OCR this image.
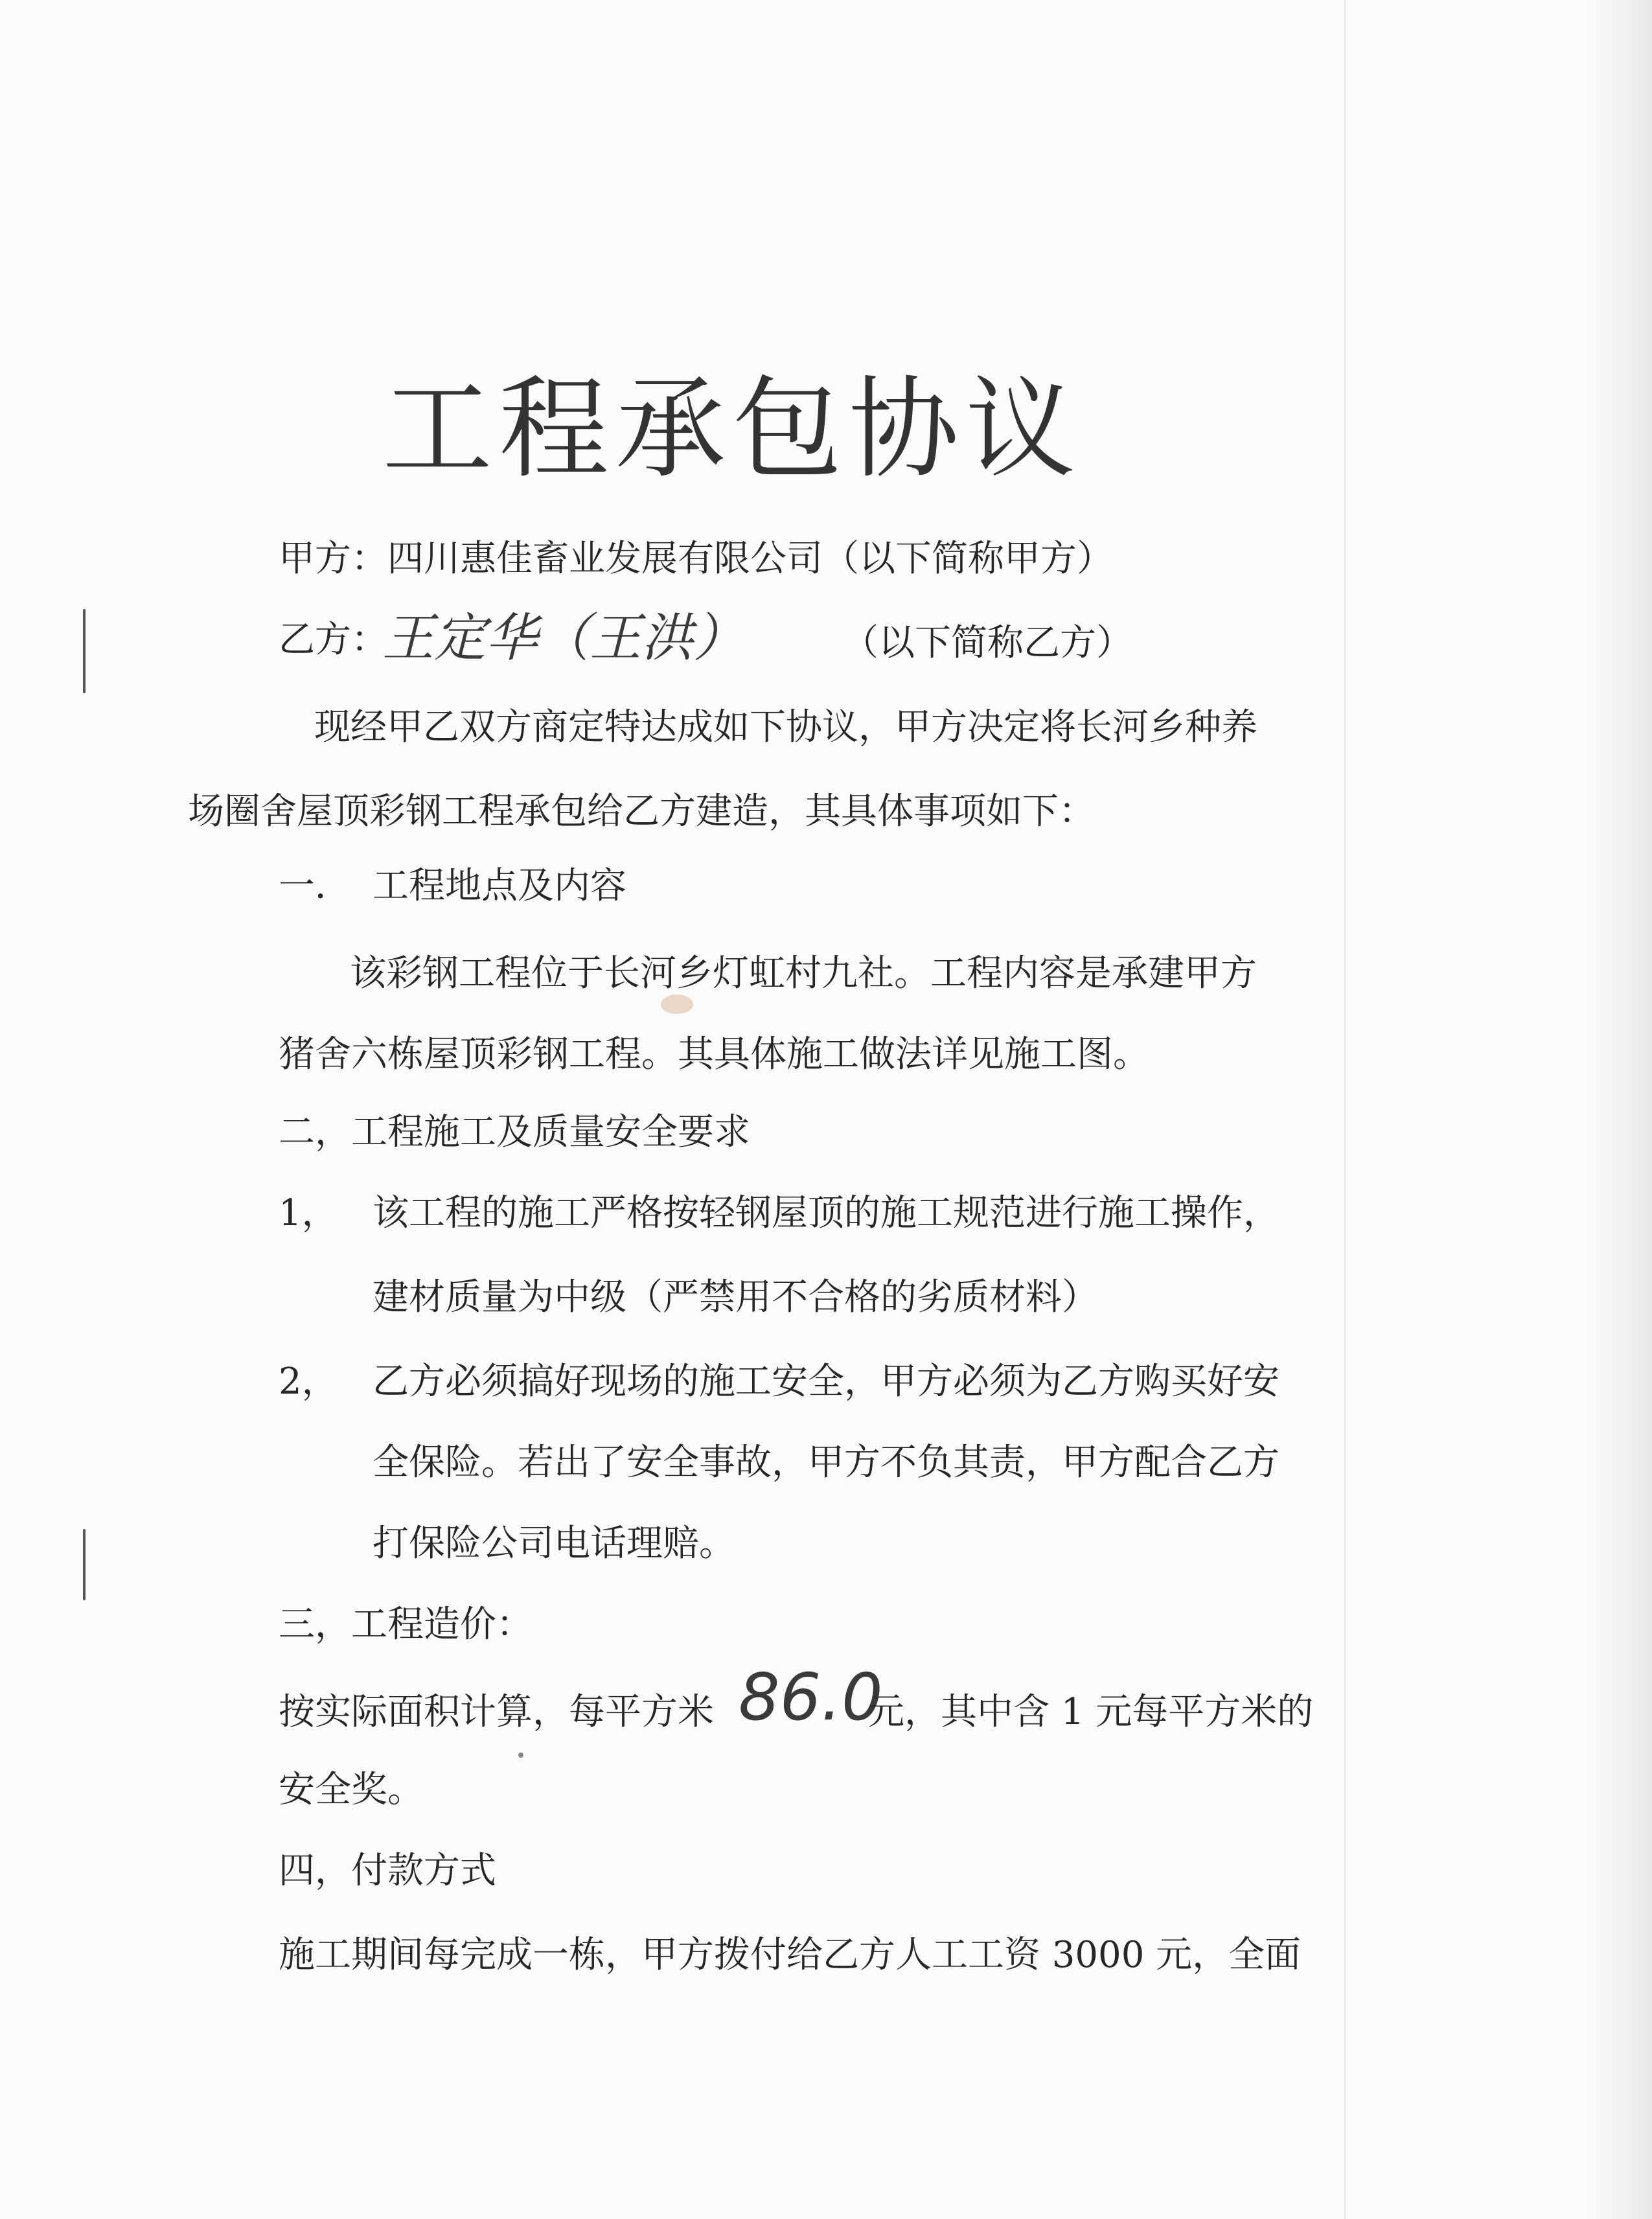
工程承包协议
甲方：四川惠佳畜业发展有限公司（以下简称甲方）
乙方：
王定华（王洪）	（以下简称乙方）
现经甲乙双方商定特达成如下协议，甲方决定将长河乡种养
场圈舍屋顶彩钢工程承包给乙方建造，其具体事项如下：
一． 工程地点及内容
该彩钢工程位于长河乡灯虹村九社。工程内容是承建甲方
猪舍六栋屋顶彩钢工程。其具体施工做法详见施工图。
二，工程施工及质量安全要求
1， 该工程的施工严格按轻钢屋顶的施工规范进行施工操作，
建材质量为中级（严禁用不合格的劣质材料）
2， 乙方必须搞好现场的施工安全，甲方必须为乙方购买好安
全保险。若出了安全事故，甲方不负其责，甲方配合乙方
打保险公司电话理赔。
三，工程造价：
按实际面积计算，每平方米 86.0
元，其中含 1 元每平方米的
安全奖。
四，付款方式
施工期间每完成一栋，甲方拨付给乙方人工工资 3000 元，全面
